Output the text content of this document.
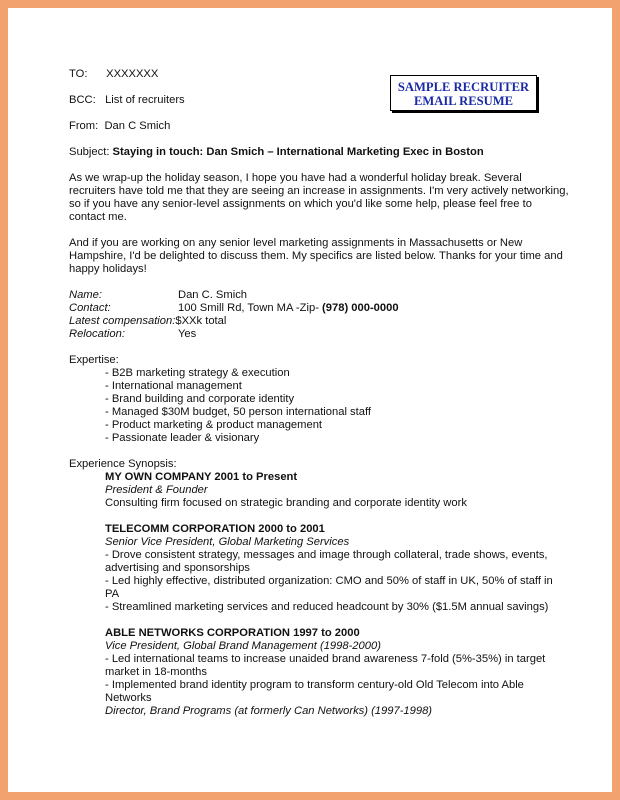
SAMPLE RECRUITER
EMAIL RESUME
TO: XXXXXXX
BCC: List of recruiters
From: Dan C Smich
Subject: Staying in touch: Dan Smich – International Marketing Exec in Boston

As we wrap-up the holiday season, I hope you have had a wonderful holiday break. Several recruiters have told me that they are seeing an increase in assignments. I'm very actively networking, so if you have any senior-level assignments on which you'd like some help, please feel free to contact me.

And if you are working on any senior level marketing assignments in Massachusetts or New Hampshire, I'd be delighted to discuss them. My specifics are listed below. Thanks for your time and happy holidays!

Name:	Dan C. Smich
Contact:	100 Smill Rd, Town MA -Zip- (978) 000-0000
Latest compensation:$XXk total
Relocation:	Yes
Expertise:
- B2B marketing strategy & execution
- International management
- Brand building and corporate identity
- Managed $30M budget, 50 person international staff
- Product marketing & product management
- Passionate leader & visionary
Experience Synopsis:
MY OWN COMPANY 2001 to Present
President & Founder
Consulting firm focused on strategic branding and corporate identity work
TELECOMM CORPORATION 2000 to 2001
Senior Vice President, Global Marketing Services
- Drove consistent strategy, messages and image through collateral, trade shows, events, advertising and sponsorships
- Led highly effective, distributed organization: CMO and 50% of staff in UK, 50% of staff in PA
- Streamlined marketing services and reduced headcount by 30% ($1.5M annual savings)
ABLE NETWORKS CORPORATION 1997 to 2000
Vice President, Global Brand Management (1998-2000)
- Led international teams to increase unaided brand awareness 7-fold (5%-35%) in target market in 18-months
- Implemented brand identity program to transform century-old Old Telecom into Able Networks
Director, Brand Programs (at formerly Can Networks) (1997-1998)
